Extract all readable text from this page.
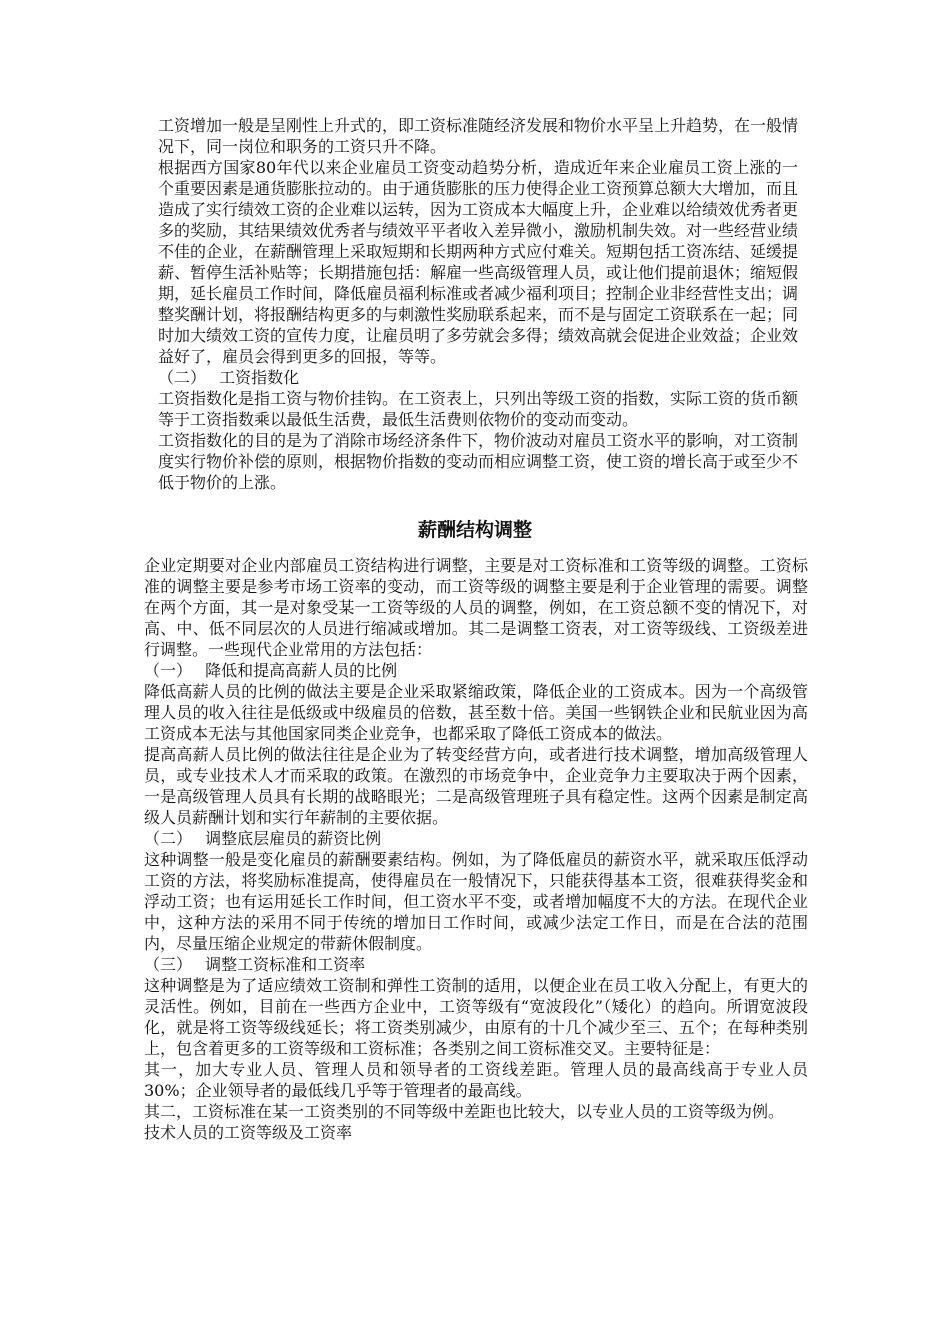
工资增加一般是呈刚性上升式的，即工资标准随经济发展和物价水平呈上升趋势，在一般情况下，同一岗位和职务的工资只升不降。

根据西方国家80年代以来企业雇员工资变动趋势分析，造成近年来企业雇员工资上涨的一个重要因素是通货膨胀拉动的。由于通货膨胀的压力使得企业工资预算总额大大增加，而且造成了实行绩效工资的企业难以运转，因为工资成本大幅度上升，企业难以给绩效优秀者更多的奖励，其结果绩效优秀者与绩效平平者收入差异微小，激励机制失效。对一些经营业绩不佳的企业，在薪酬管理上采取短期和长期两种方式应付难关。短期包括工资冻结、延缓提薪、暂停生活补贴等；长期措施包括：解雇一些高级管理人员，或让他们提前退休；缩短假期，延长雇员工作时间，降低雇员福利标准或者减少福利项目；控制企业非经营性支出；调整奖酬计划，将报酬结构更多的与刺激性奖励联系起来，而不是与固定工资联系在一起；同时加大绩效工资的宣传力度，让雇员明了多劳就会多得；绩效高就会促进企业效益；企业效益好了，雇员会得到更多的回报，等等。

（二）　 工资指数化

工资指数化是指工资与物价挂钩。在工资表上，只列出等级工资的指数，实际工资的货币额等于工资指数乘以最低生活费，最低生活费则依物价的变动而变动。

工资指数化的目的是为了消除市场经济条件下，物价波动对雇员工资水平的影响，对工资制度实行物价补偿的原则，根据物价指数的变动而相应调整工资，使工资的增长高于或至少不低于物价的上涨。

薪酬结构调整

企业定期要对企业内部雇员工资结构进行调整，主要是对工资标准和工资等级的调整。工资标准的调整主要是参考市场工资率的变动，而工资等级的调整主要是利于企业管理的需要。调整在两个方面，其一是对象受某一工资等级的人员的调整，例如，在工资总额不变的情况下，对高、中、低不同层次的人员进行缩减或增加。其二是调整工资表，对工资等级线、工资级差进行调整。一些现代企业常用的方法包括：

（一）　 降低和提高高薪人员的比例

降低高薪人员的比例的做法主要是企业采取紧缩政策，降低企业的工资成本。因为一个高级管理人员的收入往往是低级或中级雇员的倍数，甚至数十倍。美国一些钢铁企业和民航业因为高工资成本无法与其他国家同类企业竞争，也都采取了降低工资成本的做法。

提高高薪人员比例的做法往往是企业为了转变经营方向，或者进行技术调整，增加高级管理人员，或专业技术人才而采取的政策。在激烈的市场竞争中，企业竞争力主要取决于两个因素，一是高级管理人员具有长期的战略眼光；二是高级管理班子具有稳定性。这两个因素是制定高级人员薪酬计划和实行年薪制的主要依据。

（二）　 调整底层雇员的薪资比例

这种调整一般是变化雇员的薪酬要素结构。例如，为了降低雇员的薪资水平，就采取压低浮动工资的方法，将奖励标准提高，使得雇员在一般情况下，只能获得基本工资，很难获得奖金和浮动工资；也有运用延长工作时间，但工资水平不变，或者增加幅度不大的方法。在现代企业中，这种方法的采用不同于传统的增加日工作时间，或减少法定工作日，而是在合法的范围内，尽量压缩企业规定的带薪休假制度。

（三）　 调整工资标准和工资率

这种调整是为了适应绩效工资制和弹性工资制的适用，以便企业在员工收入分配上，有更大的灵活性。例如，目前在一些西方企业中，工资等级有“宽波段化”（矮化）的趋向。所谓宽波段化，就是将工资等级线延长；将工资类别减少，由原有的十几个减少至三、五个；在每种类别上，包含着更多的工资等级和工资标准；各类别之间工资标准交叉。主要特征是：

其一，加大专业人员、管理人员和领导者的工资线差距。管理人员的最高线高于专业人员30%；企业领导者的最低线几乎等于管理者的最高线。

其二，工资标准在某一工资类别的不同等级中差距也比较大，以专业人员的工资等级为例。

技术人员的工资等级及工资率
